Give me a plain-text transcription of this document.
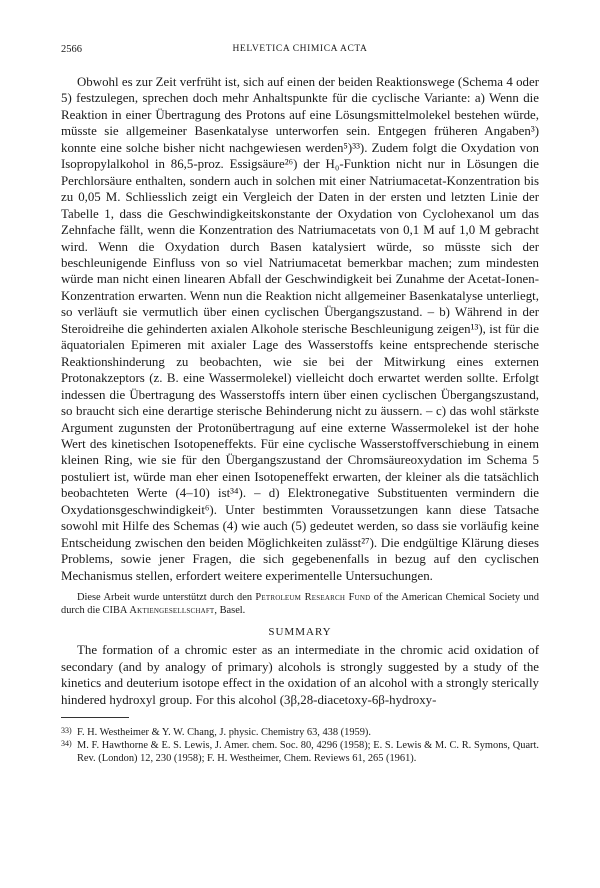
2566	HELVETICA CHIMICA ACTA

Obwohl es zur Zeit verfrüht ist, sich auf einen der beiden Reaktionswege (Schema 4 oder 5) festzulegen, sprechen doch mehr Anhaltspunkte für die cyclische Variante: a) Wenn die Reaktion in einer Übertragung des Protons auf eine Lösungsmittelmolekel bestehen würde, müsste sie allgemeiner Basenkatalyse unterworfen sein. Entgegen früheren Angaben³) konnte eine solche bisher nicht nachgewiesen werden⁵)³³). Zudem folgt die Oxydation von Isopropylalkohol in 86,5-proz. Essigsäure²⁶) der H₀-Funktion nicht nur in Lösungen die Perchlorsäure enthalten, sondern auch in solchen mit einer Natriumacetat-Konzentration bis zu 0,05 M. Schliesslich zeigt ein Vergleich der Daten in der ersten und letzten Linie der Tabelle 1, dass die Geschwindigkeitskonstante der Oxydation von Cyclohexanol um das Zehnfache fällt, wenn die Konzentration des Natriumacetats von 0,1 M auf 1,0 M gebracht wird. Wenn die Oxydation durch Basen katalysiert würde, so müsste sich der beschleunigende Einfluss von so viel Natriumacetat bemerkbar machen; zum mindesten würde man nicht einen linearen Abfall der Geschwindigkeit bei Zunahme der Acetat-Ionen-Konzentration erwarten. Wenn nun die Reaktion nicht allgemeiner Basenkatalyse unterliegt, so verläuft sie vermutlich über einen cyclischen Übergangszustand. – b) Während in der Steroidreihe die gehinderten axialen Alkohole sterische Beschleunigung zeigen¹³), ist für die äquatorialen Epimeren mit axialer Lage des Wasserstoffs keine entsprechende sterische Reaktionshinderung zu beobachten, wie sie bei der Mitwirkung eines externen Protonakzeptors (z. B. eine Wassermolekel) vielleicht doch erwartet werden sollte. Erfolgt indessen die Übertragung des Wasserstoffs intern über einen cyclischen Übergangszustand, so braucht sich eine derartige sterische Behinderung nicht zu äussern. – c) das wohl stärkste Argument zugunsten der Protonübertragung auf eine externe Wassermolekel ist der hohe Wert des kinetischen Isotopeneffekts. Für eine cyclische Wasserstoffverschiebung in einem kleinen Ring, wie sie für den Übergangszustand der Chromsäureoxydation im Schema 5 postuliert ist, würde man eher einen Isotopeneffekt erwarten, der kleiner als die tatsächlich beobachteten Werte (4–10) ist³⁴). – d) Elektronegative Substituenten vermindern die Oxydationsgeschwindigkeit⁶). Unter bestimmten Voraussetzungen kann diese Tatsache sowohl mit Hilfe des Schemas (4) wie auch (5) gedeutet werden, so dass sie vorläufig keine Entscheidung zwischen den beiden Möglichkeiten zulässt²⁷). Die endgültige Klärung dieses Problems, sowie jener Fragen, die sich gegebenenfalls in bezug auf den cyclischen Mechanismus stellen, erfordert weitere experimentelle Untersuchungen.

Diese Arbeit wurde unterstützt durch den Petroleum Research Fund of the American Chemical Society und durch die CIBA Aktiengesellschaft, Basel.

SUMMARY

The formation of a chromic ester as an intermediate in the chromic acid oxidation of secondary (and by analogy of primary) alcohols is strongly suggested by a study of the kinetics and deuterium isotope effect in the oxidation of an alcohol with a strongly sterically hindered hydroxyl group. For this alcohol (3β,28-diacetoxy-6β-hydroxy-

33) F. H. Westheimer & Y. W. Chang, J. physic. Chemistry 63, 438 (1959).
34) M. F. Hawthorne & E. S. Lewis, J. Amer. chem. Soc. 80, 4296 (1958); E. S. Lewis & M. C. R. Symons, Quart. Rev. (London) 12, 230 (1958); F. H. Westheimer, Chem. Reviews 61, 265 (1961).
